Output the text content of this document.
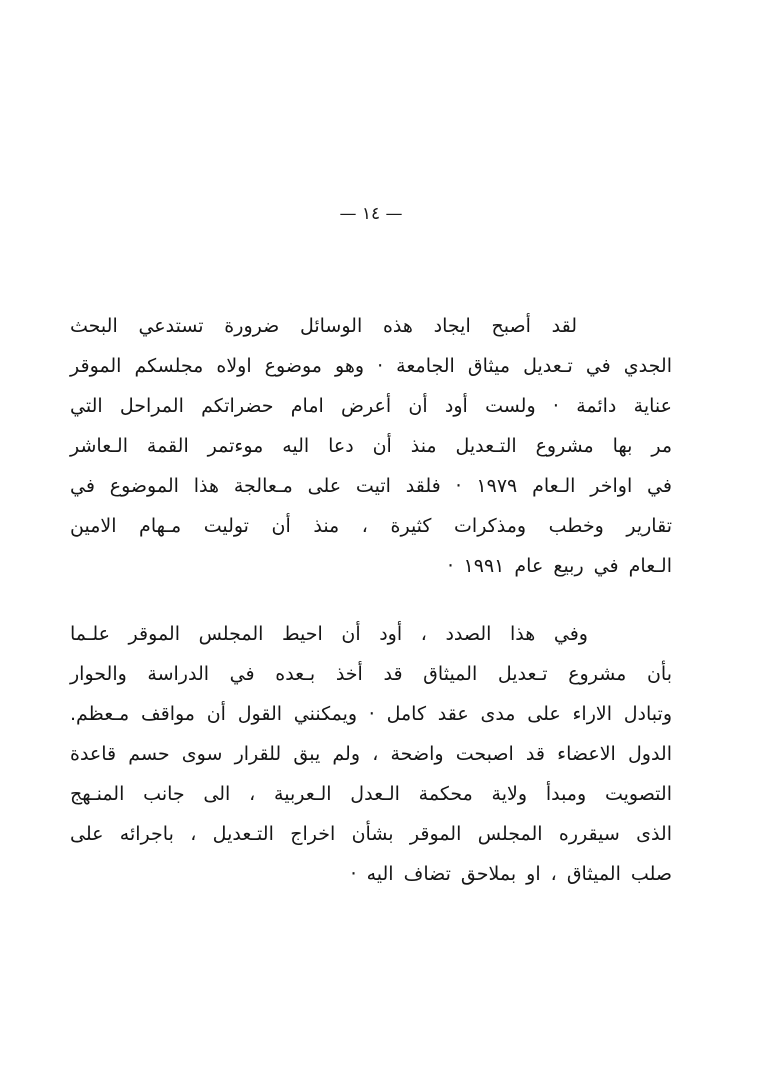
— ١٤ —
لقد أصبح ايجاد هذه الوسائل ضرورة تستدعي البحث
الجدي في تـعديل ميثاق الجامعة · وهو موضوع اولاه مجلسكم الموقر
عناية دائمة · ولست أود أن أعرض امام حضراتكم المراحل التي
مر بها مشروع التـعديل منذ أن دعا اليه موءتمر القمة الـعاشر
في اواخر الـعام ١٩٧٩ · فلقد اتيت على مـعالجة هذا الموضوع في
تقارير وخطب ومذكرات كثيرة ، منذ أن توليت مـهام الامين
الـعام في ربيع عام ١٩٩١ ·
وفي هذا الصدد ، أود أن احيط المجلس الموقر علـما
بأن مشروع تـعديل الميثاق قد أخذ بـعده في الدراسة والحوار
وتبادل الاراء على مدى عقد كامل · ويمكنني القول أن مواقف مـعظم.
الدول الاعضاء قد اصبحت واضحة ، ولم يبق للقرار سوى حسم قاعدة
التصويت ومبدأ ولاية محكمة الـعدل الـعربية ، الى جانب المنـهج
الذى سيقرره المجلس الموقر بشأن اخراج التـعديل ، باجرائه على
صلب الميثاق ، او بملاحق تضاف اليه ·
